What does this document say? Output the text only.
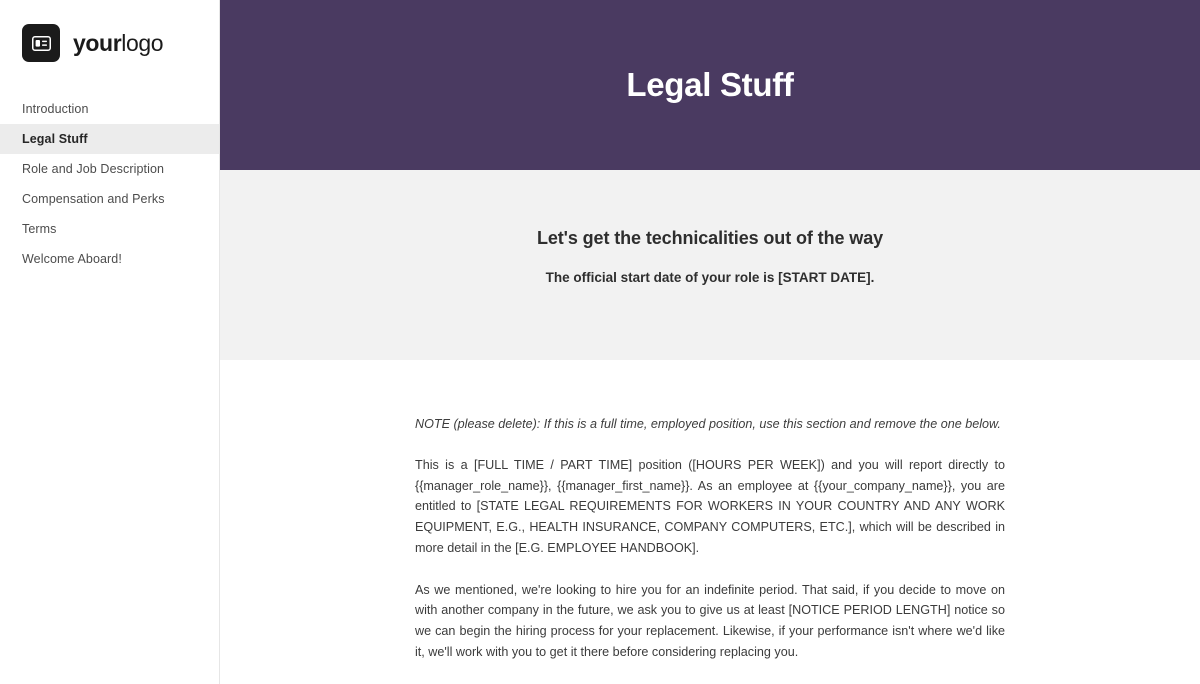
yourlogo
Introduction
Legal Stuff
Role and Job Description
Compensation and Perks
Terms
Welcome Aboard!
Legal Stuff
Let's get the technicalities out of the way
The official start date of your role is [START DATE].

NOTE (please delete): If this is a full time, employed position, use this section and remove the one below.

This is a [FULL TIME / PART TIME] position ([HOURS PER WEEK]) and you will report directly to {{manager_role_name}}, {{manager_first_name}}. As an employee at {{your_company_name}}, you are entitled to [STATE LEGAL REQUIREMENTS FOR WORKERS IN YOUR COUNTRY AND ANY WORK EQUIPMENT, E.G., HEALTH INSURANCE, COMPANY COMPUTERS, ETC.], which will be described in more detail in the [E.G. EMPLOYEE HANDBOOK].

As we mentioned, we're looking to hire you for an indefinite period. That said, if you decide to move on with another company in the future, we ask you to give us at least [NOTICE PERIOD LENGTH] notice so we can begin the hiring process for your replacement. Likewise, if your performance isn't where we'd like it, we'll work with you to get it there before considering replacing you.
